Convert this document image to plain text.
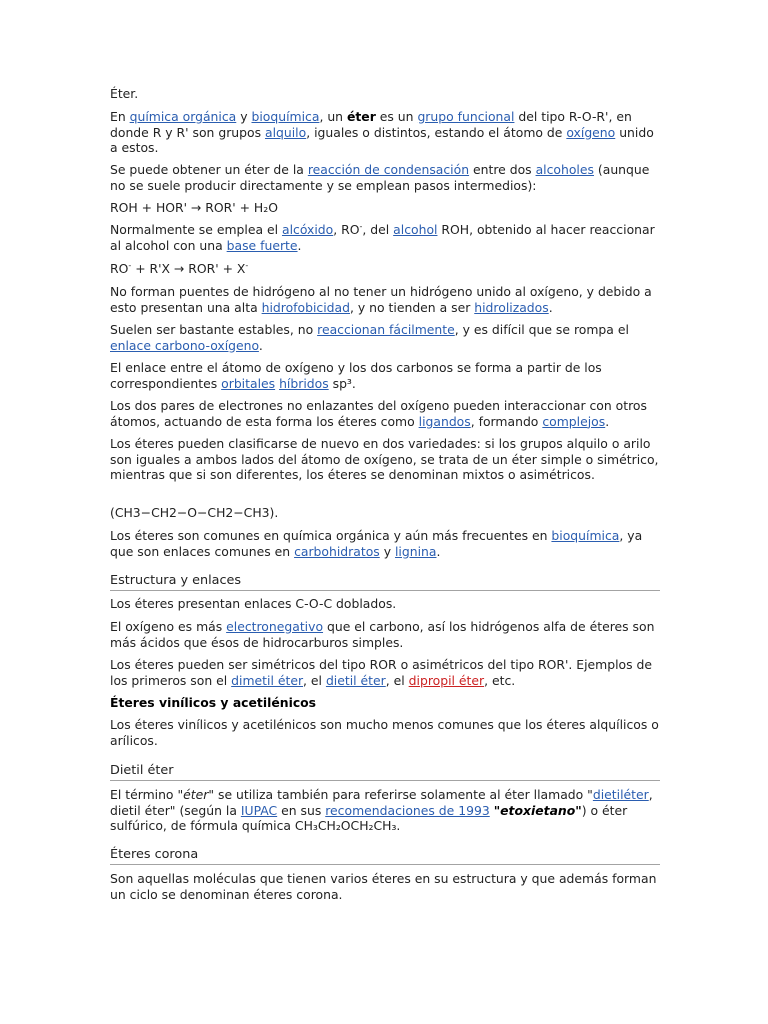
Éter.

En química orgánica y bioquímica, un éter es un grupo funcional del tipo R-O-R', en donde R y R' son grupos alquilo, iguales o distintos, estando el átomo de oxígeno unido a estos.

Se puede obtener un éter de la reacción de condensación entre dos alcoholes (aunque no se suele producir directamente y se emplean pasos intermedios):

ROH + HOR' → ROR' + H₂O

Normalmente se emplea el alcóxido, RO-, del alcohol ROH, obtenido al hacer reaccionar al alcohol con una base fuerte.

RO- + R'X → ROR' + X-

No forman puentes de hidrógeno al no tener un hidrógeno unido al oxígeno, y debido a esto presentan una alta hidrofobicidad, y no tienden a ser hidrolizados.

Suelen ser bastante estables, no reaccionan fácilmente, y es difícil que se rompa el enlace carbono-oxígeno.

El enlace entre el átomo de oxígeno y los dos carbonos se forma a partir de los correspondientes orbitales híbridos sp³.

Los dos pares de electrones no enlazantes del oxígeno pueden interaccionar con otros átomos, actuando de esta forma los éteres como ligandos, formando complejos.

Los éteres pueden clasificarse de nuevo en dos variedades: si los grupos alquilo o arilo son iguales a ambos lados del átomo de oxígeno, se trata de un éter simple o simétrico, mientras que si son diferentes, los éteres se denominan mixtos o asimétricos.

(CH3−CH2−O−CH2−CH3).

Los éteres son comunes en química orgánica y aún más frecuentes en bioquímica, ya que son enlaces comunes en carbohidratos y lignina.

Estructura y enlaces

Los éteres presentan enlaces C-O-C doblados.

El oxígeno es más electronegativo que el carbono, así los hidrógenos alfa de éteres son más ácidos que ésos de hidrocarburos simples.

Los éteres pueden ser simétricos del tipo ROR o asimétricos del tipo ROR'. Ejemplos de los primeros son el dimetil éter, el dietil éter, el dipropil éter, etc.

Éteres vinílicos y acetilénicos

Los éteres vinílicos y acetilénicos son mucho menos comunes que los éteres alquílicos o arílicos.

Dietil éter

El término "éter" se utiliza también para referirse solamente al éter llamado "dietiléter, dietil éter" (según la IUPAC en sus recomendaciones de 1993 "etoxietano") o éter sulfúrico, de fórmula química CH₃CH₂OCH₂CH₃.

Éteres corona

Son aquellas moléculas que tienen varios éteres en su estructura y que además forman un ciclo se denominan éteres corona.
